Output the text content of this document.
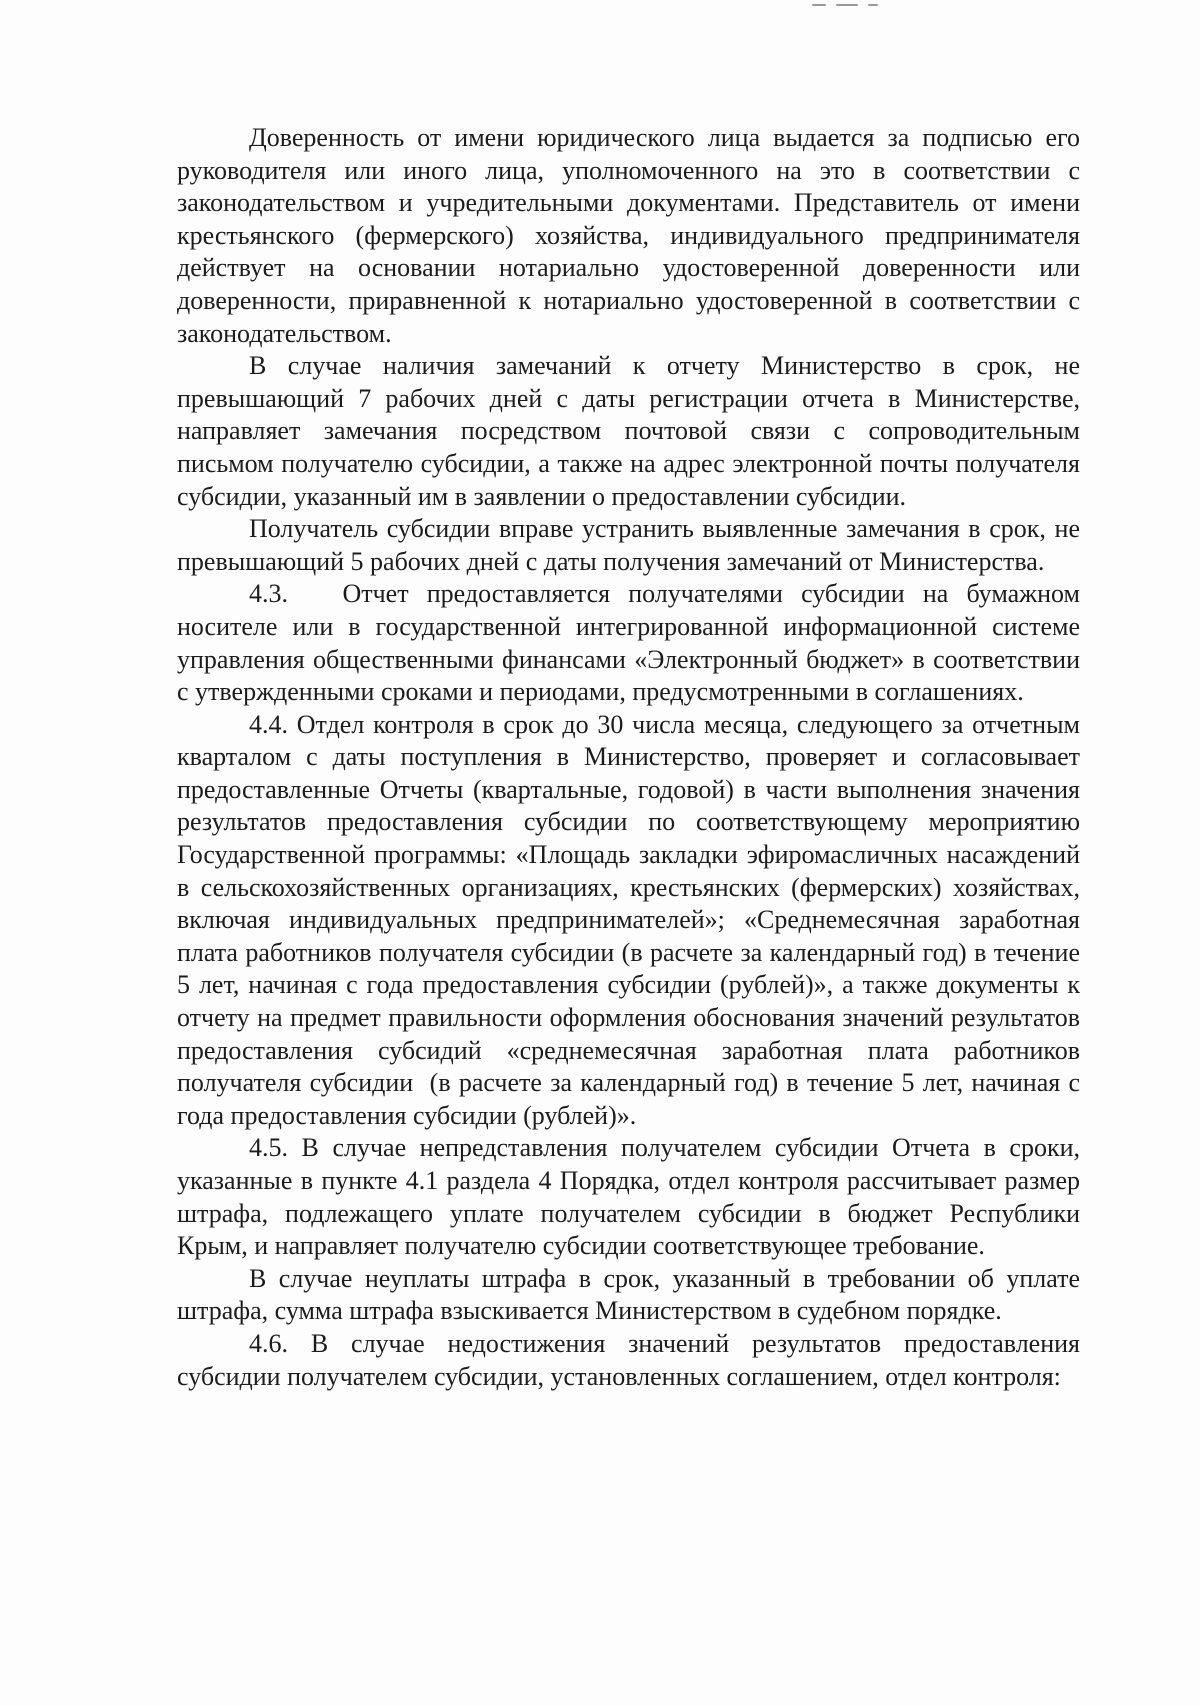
Доверенность от имени юридического лица выдается за подписью его руководителя или иного лица, уполномоченного на это в соответствии с законодательством и учредительными документами. Представитель от имени крестьянского (фермерского) хозяйства, индивидуального предпринимателя действует на основании нотариально удостоверенной доверенности или доверенности, приравненной к нотариально удостоверенной в соответствии с законодательством.

В случае наличия замечаний к отчету Министерство в срок, не превышающий 7 рабочих дней с даты регистрации отчета в Министерстве, направляет замечания посредством почтовой связи с сопроводительным письмом получателю субсидии, а также на адрес электронной почты получателя субсидии, указанный им в заявлении о предоставлении субсидии.

Получатель субсидии вправе устранить выявленные замечания в срок, не превышающий 5 рабочих дней с даты получения замечаний от Министерства.

4.3.   Отчет предоставляется получателями субсидии на бумажном носителе или в государственной интегрированной информационной системе управления общественными финансами «Электронный бюджет» в соответствии с утвержденными сроками и периодами, предусмотренными в соглашениях.

4.4. Отдел контроля в срок до 30 числа месяца, следующего за отчетным кварталом с даты поступления в Министерство, проверяет и согласовывает предоставленные Отчеты (квартальные, годовой) в части выполнения значения результатов предоставления субсидии по соответствующему мероприятию Государственной программы: «Площадь закладки эфиромасличных насаждений в сельскохозяйственных организациях, крестьянских (фермерских) хозяйствах, включая индивидуальных предпринимателей»; «Среднемесячная заработная плата работников получателя субсидии (в расчете за календарный год) в течение 5 лет, начиная с года предоставления субсидии (рублей)», а также документы к отчету на предмет правильности оформления обоснования значений результатов предоставления субсидий «среднемесячная заработная плата работников получателя субсидии  (в расчете за календарный год) в течение 5 лет, начиная с года предоставления субсидии (рублей)».

4.5. В случае непредставления получателем субсидии Отчета в сроки, указанные в пункте 4.1 раздела 4 Порядка, отдел контроля рассчитывает размер штрафа, подлежащего уплате получателем субсидии в бюджет Республики Крым, и направляет получателю субсидии соответствующее требование.

В случае неуплаты штрафа в срок, указанный в требовании об уплате штрафа, сумма штрафа взыскивается Министерством в судебном порядке.

4.6. В случае недостижения значений результатов предоставления субсидии получателем субсидии, установленных соглашением, отдел контроля:
